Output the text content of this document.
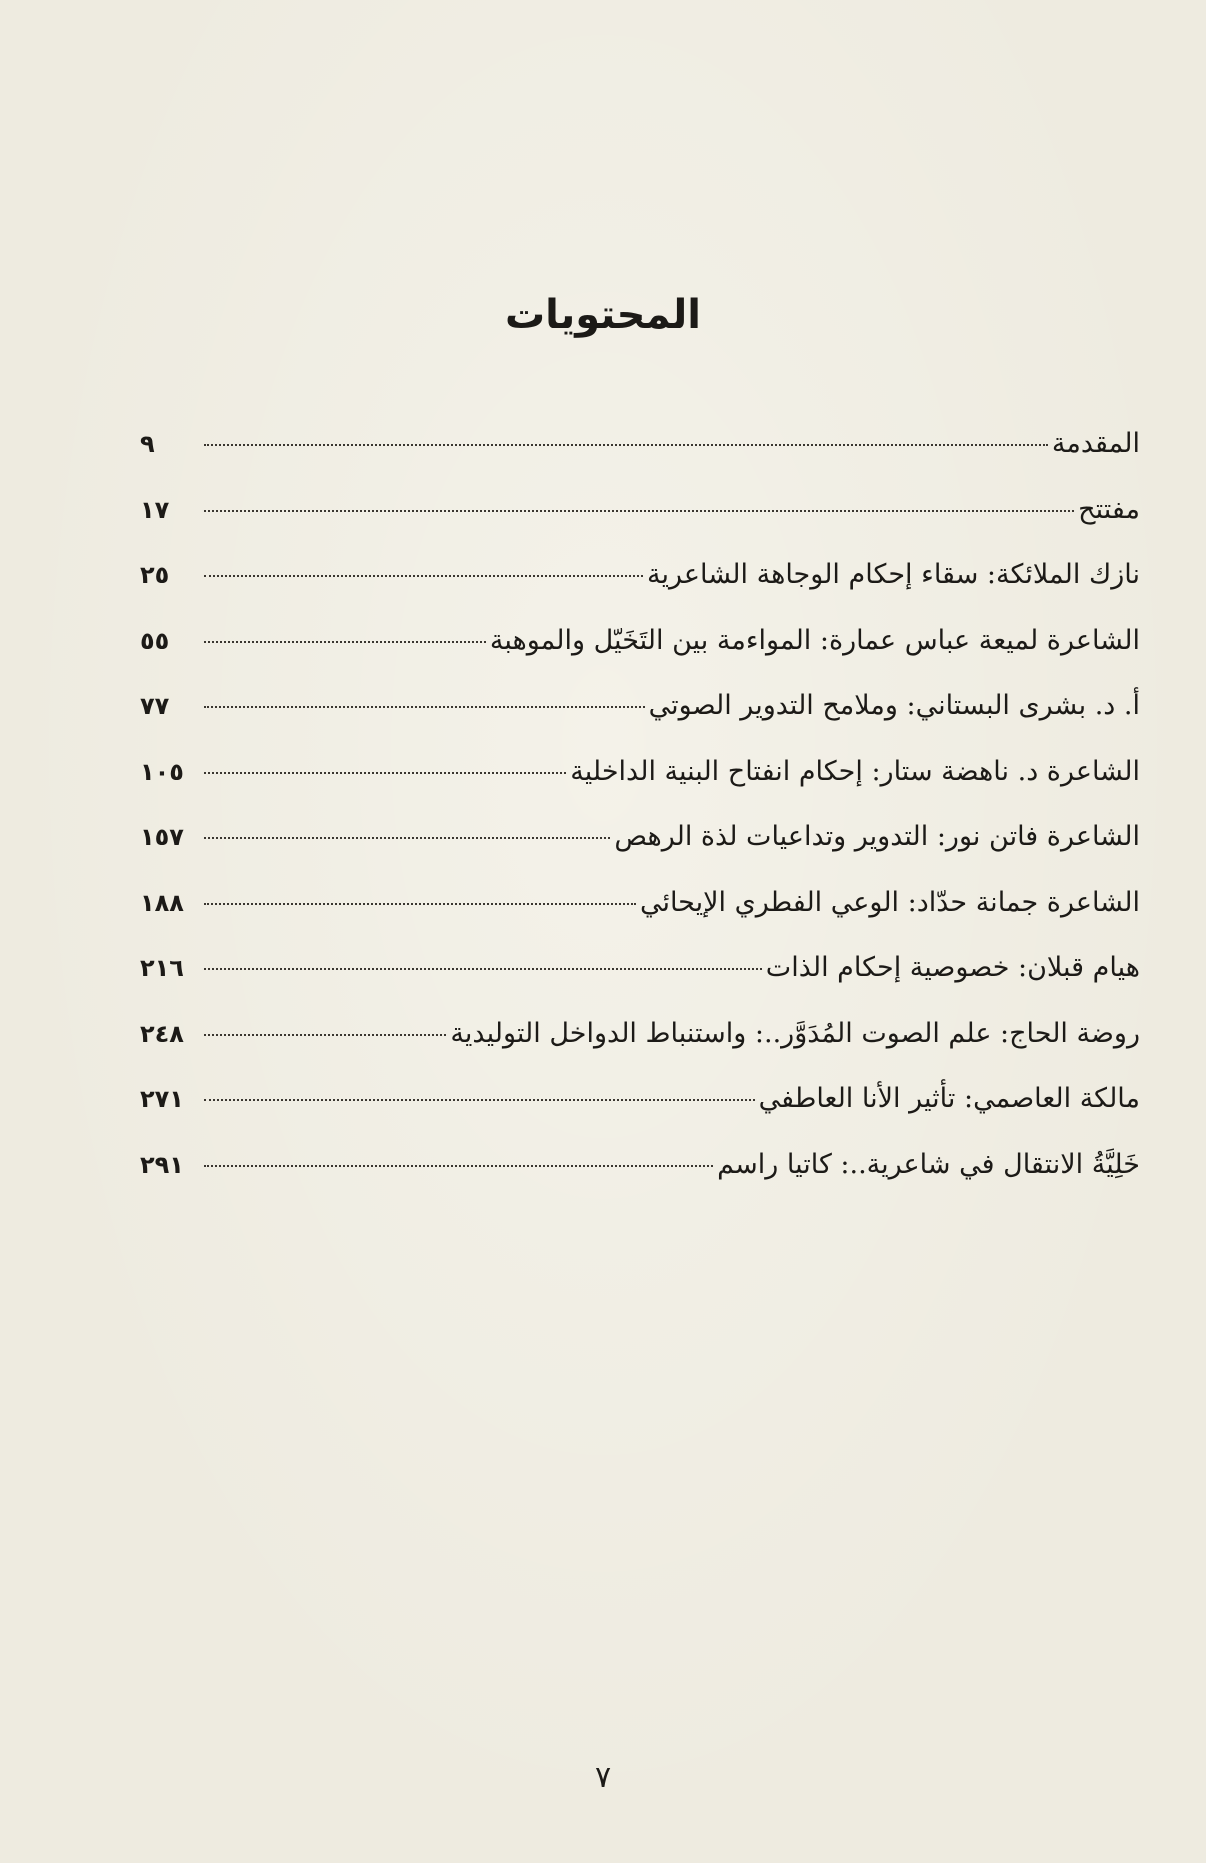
المحتويات
المقدمة
٩
مفتتح
١٧
نازك الملائكة: سقاء إحكام الوجاهة الشاعرية
٢٥
الشاعرة لميعة عباس عمارة: المواءمة بين التَخَيّل والموهبة
٥٥
أ. د. بشرى البستاني: وملامح التدوير الصوتي
٧٧
الشاعرة د. ناهضة ستار: إحكام انفتاح البنية الداخلية
١٠٥
الشاعرة فاتن نور: التدوير وتداعيات لذة الرهص
١٥٧
الشاعرة جمانة حدّاد: الوعي الفطري الإيحائي
١٨٨
هيام قبلان: خصوصية إحكام الذات
٢١٦
روضة الحاج: علم الصوت المُدَوَّر..: واستنباط الدواخل التوليدية
٢٤٨
مالكة العاصمي: تأثير الأنا العاطفي
٢٧١
خَلِيَّةُ الانتقال في شاعرية..: كاتيا راسم
٢٩١
٧
